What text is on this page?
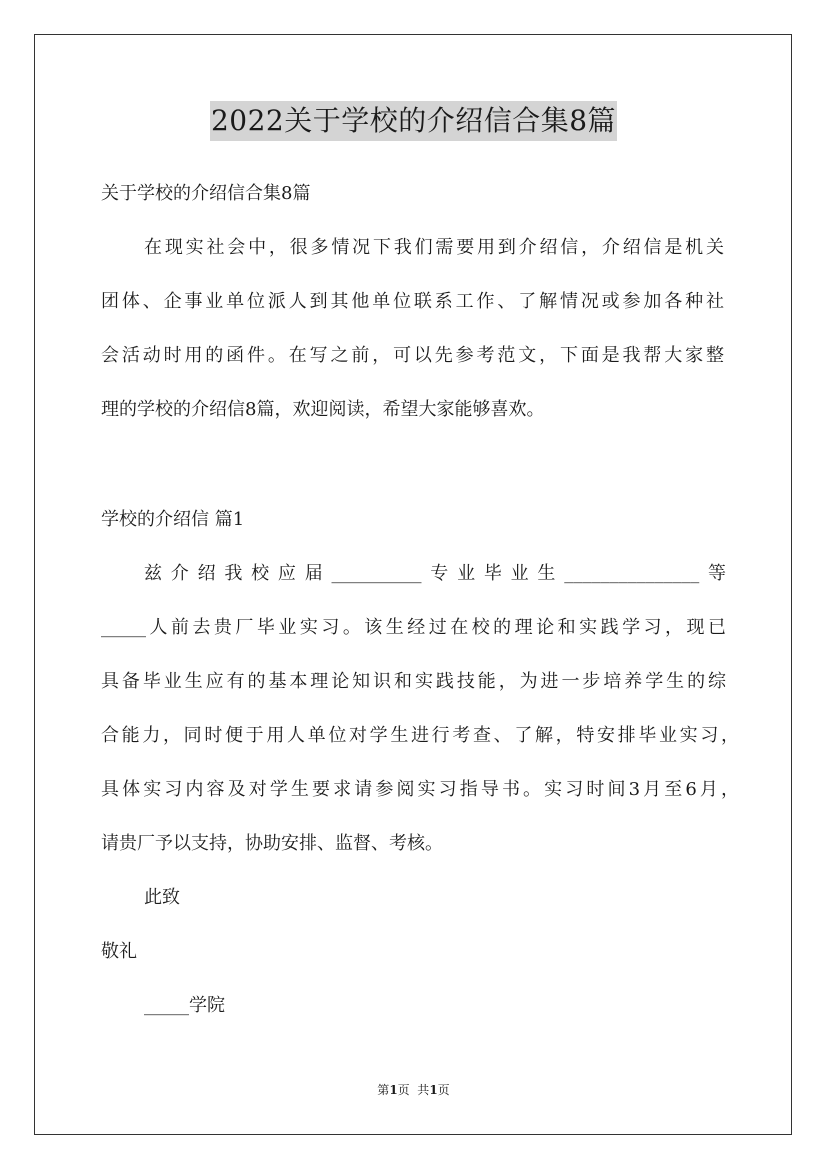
2022关于学校的介绍信合集8篇
关于学校的介绍信合集8篇
在现实社会中，很多情况下我们需要用到介绍信，介绍信是机关
团体、企事业单位派人到其他单位联系工作、了解情况或参加各种社
会活动时用的函件。在写之前，可以先参考范文，下面是我帮大家整
理的学校的介绍信8篇，欢迎阅读，希望大家能够喜欢。
学校的介绍信 篇1
兹介绍我校应届__________专业毕业生_______________等
_____人前去贵厂毕业实习。该生经过在校的理论和实践学习，现已
具备毕业生应有的基本理论知识和实践技能，为进一步培养学生的综
合能力，同时便于用人单位对学生进行考查、了解，特安排毕业实习，
具体实习内容及对学生要求请参阅实习指导书。实习时间3月至6月，
请贵厂予以支持，协助安排、监督、考核。
此致
敬礼
_____学院
第1页  共1页
